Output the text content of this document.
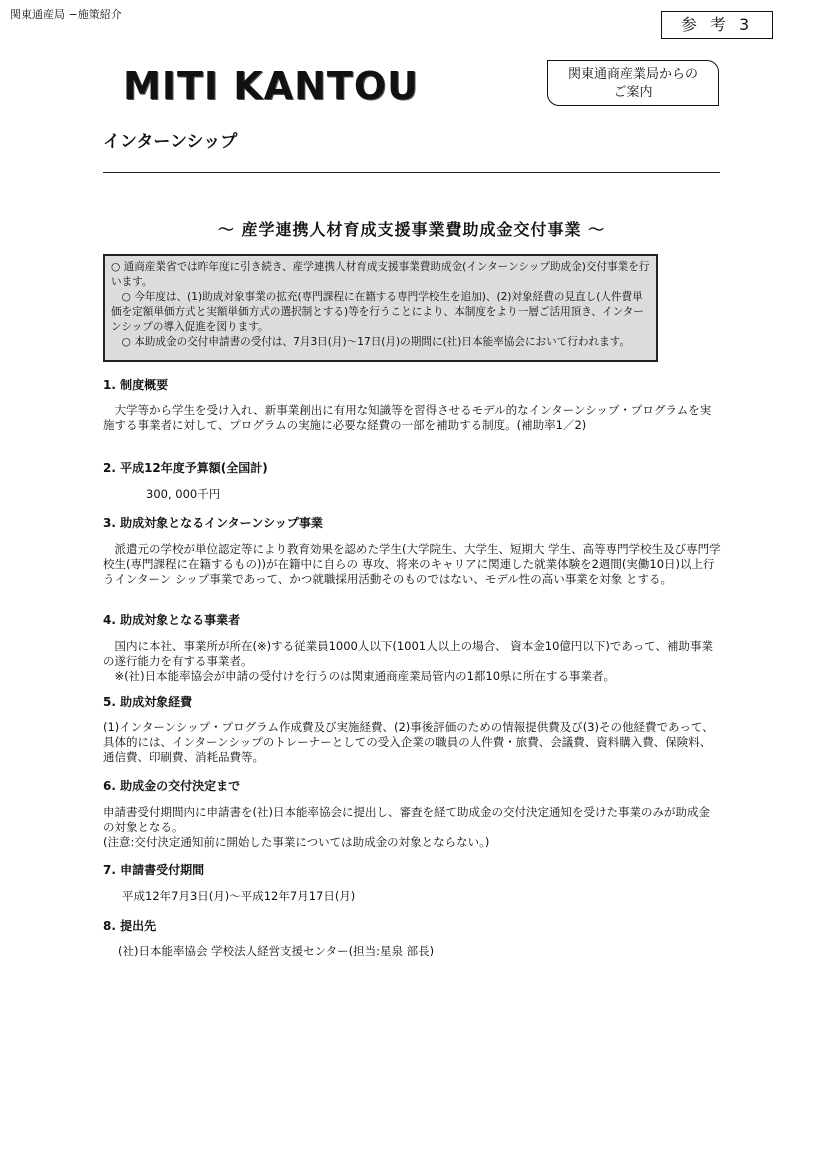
関東通産局 −施策紹介
参 考 3
MITI KANTOU	関東通商産業局からの
ご案内
インターンシップ
〜 産学連携人材育成支援事業費助成金交付事業 〜

○ 通商産業省では昨年度に引き続き、産学連携人材育成支援事業費助成金(インターンシップ助成金)交付事業を行います。

○ 今年度は、(1)助成対象事業の拡充(専門課程に在籍する専門学校生を追加)、(2)対象経費の見直し(人件費単価を定額単価方式と実額単価方式の選択制とする)等を行うことにより、本制度をより一層ご活用頂き、インターンシップの導入促進を図ります。

○ 本助成金の交付申請書の受付は、7月3日(月)〜17日(月)の期間に(社)日本能率協会において行われます。

1. 制度概要

大学等から学生を受け入れ、新事業創出に有用な知識等を習得させるモデル的なインターンシップ・プログラムを実施する事業者に対して、プログラムの実施に必要な経費の一部を補助する制度。(補助率1／2)

2. 平成12年度予算額(全国計)

300, 000千円

3. 助成対象となるインターンシップ事業

派遣元の学校が単位認定等により教育効果を認めた学生(大学院生、大学生、短期大 学生、高等専門学校生及び専門学校生(専門課程に在籍するもの))が在籍中に自らの 専攻、将来のキャリアに関連した就業体験を2週間(実働10日)以上行うインターン シップ事業であって、かつ就職採用活動そのものではない、モデル性の高い事業を対象 とする。

4. 助成対象となる事業者

国内に本社、事業所が所在(※)する従業員1000人以下(1001人以上の場合、 資本金10億円以下)であって、補助事業の遂行能力を有する事業者。

※(社)日本能率協会が申請の受付けを行うのは関東通商産業局管内の1都10県に所在する事業者。

5. 助成対象経費

(1)インターンシップ・プログラム作成費及び実施経費、(2)事後評価のための情報提供費及び(3)その他経費であって、具体的には、インターンシップのトレーナーとしての受入企業の職員の人件費・旅費、会議費、資料購入費、保険料、通信費、印刷費、消耗品費等。

6. 助成金の交付決定まで

申請書受付期間内に申請書を(社)日本能率協会に提出し、審査を経て助成金の交付決定通知を受けた事業のみが助成金の対象となる。

(注意:交付決定通知前に開始した事業については助成金の対象とならない。)

7. 申請書受付期間

平成12年7月3日(月)〜平成12年7月17日(月)

8. 提出先

(社)日本能率協会 学校法人経営支援センター(担当:星泉 部長)
